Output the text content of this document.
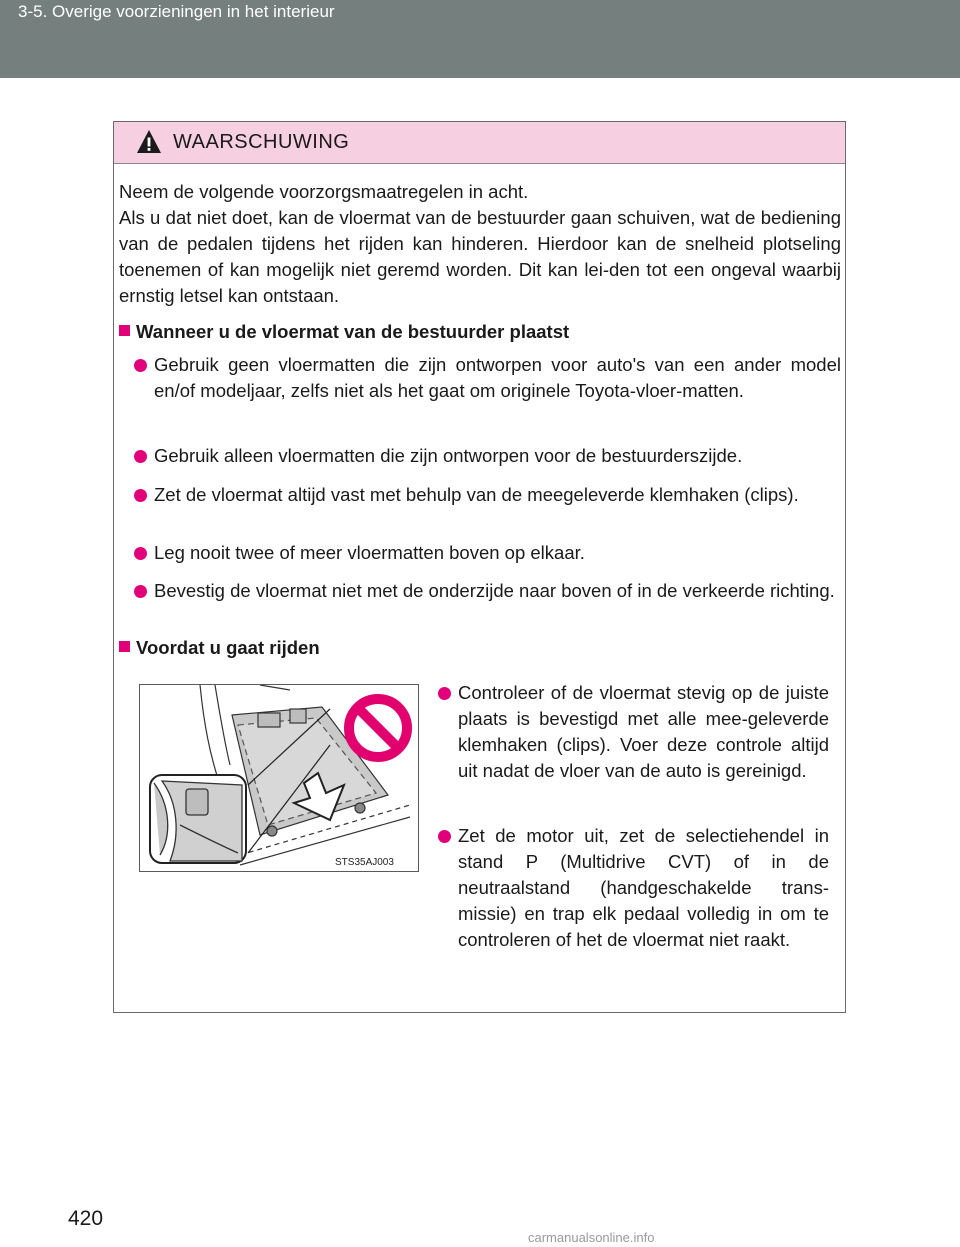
3-5. Overige voorzieningen in het interieur
WAARSCHUWING
Neem de volgende voorzorgsmaatregelen in acht.
Als u dat niet doet, kan de vloermat van de bestuurder gaan schuiven, wat de bediening van de pedalen tijdens het rijden kan hinderen. Hierdoor kan de snelheid plotseling toenemen of kan mogelijk niet geremd worden. Dit kan lei-den tot een ongeval waarbij ernstig letsel kan ontstaan.
Wanneer u de vloermat van de bestuurder plaatst
Gebruik geen vloermatten die zijn ontworpen voor auto's van een ander model en/of modeljaar, zelfs niet als het gaat om originele Toyota-vloer-matten.
Gebruik alleen vloermatten die zijn ontworpen voor de bestuurderszijde.
Zet de vloermat altijd vast met behulp van de meegeleverde klemhaken (clips).
Leg nooit twee of meer vloermatten boven op elkaar.
Bevestig de vloermat niet met de onderzijde naar boven of in de verkeerde richting.
Voordat u gaat rijden
STS35AJ003
Controleer of de vloermat stevig op de juiste plaats is bevestigd met alle mee-geleverde klemhaken (clips). Voer deze controle altijd uit nadat de vloer van de auto is gereinigd.
Zet de motor uit, zet de selectiehendel in stand P (Multidrive CVT) of in de neutraalstand (handgeschakelde trans-missie) en trap elk pedaal volledig in om te controleren of het de vloermat niet raakt.
420
carmanualsonline.info
